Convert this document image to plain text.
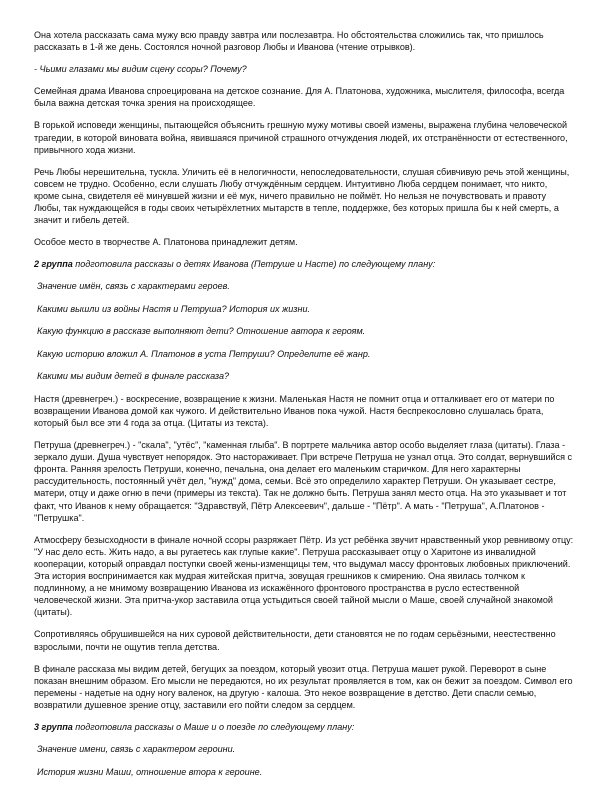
Она хотела рассказать сама мужу всю правду завтра или послезавтра. Но обстоятельства сложились так, что пришлось рассказать в 1-й же день. Состоялся ночной разговор Любы и Иванова (чтение отрывков).

- Чьими глазами мы видим сцену ссоры? Почему?

Семейная драма Иванова спроецирована на детское сознание. Для А. Платонова, художника, мыслителя, философа, всегда была важна детская точка зрения на происходящее.

В горькой исповеди женщины, пытающейся объяснить грешную мужу мотивы своей измены, выражена глубина человеческой трагедии, в которой виновата война, явившаяся причиной страшного отчуждения людей, их отстранённости от естественного, привычного хода жизни.

Речь Любы нерешительна, тускла. Уличить её в нелогичности, непоследовательности, слушая сбивчивую речь этой женщины, совсем не трудно. Особенно, если слушать Любу отчуждённым сердцем. Интуитивно Люба сердцем понимает, что никто, кроме сына, свидетеля её минувшей жизни и её мук, ничего правильно не поймёт. Но нельзя не почувствовать и правоту Любы, так нуждающейся в годы своих четырёхлетних мытарств в тепле, поддержке, без которых пришла бы к ней смерть, а значит и гибель детей.

Особое место в творчестве А. Платонова принадлежит детям.

2 группа подготовила рассказы о детях Иванова (Петруше и Насте) по следующему плану:

Значение имён, связь с характерами героев.

Какими вышли из войны Настя и Петруша? История их жизни.

Какую функцию в рассказе выполняют дети? Отношение автора к героям.

Какую историю вложил А. Платонов в уста Петруши? Определите её жанр.

Какими мы видим детей в финале рассказа?

Настя (древнегреч.) - воскресение, возвращение к жизни. Маленькая Настя не помнит отца и отталкивает его от матери по возвращении Иванова домой как чужого. И действительно Иванов пока чужой. Настя беспрекословно слушалась брата, который был все эти 4 года за отца. (Цитаты из текста).

Петруша (древнегреч.) - "скала", "утёс", "каменная глыба". В портрете мальчика автор особо выделяет глаза (цитаты). Глаза - зеркало души. Душа чувствует непорядок. Это настораживает. При встрече Петруша не узнал отца. Это солдат, вернувшийся с фронта. Ранняя зрелость Петруши, конечно, печальна, она делает его маленьким старичком. Для него характерны рассудительность, постоянный учёт дел, "нужд" дома, семьи. Всё это определило характер Петруши. Он указывает сестре, матери, отцу и даже огню в печи (примеры из текста). Так не должно быть. Петруша занял место отца. На это указывает и тот факт, что Иванов к нему обращается: "Здравствуй, Пётр Алексеевич", дальше - "Пётр". А мать - "Петруша", А.Платонов - "Петрушка".

Атмосферу безысходности в финале ночной ссоры разряжает Пётр. Из уст ребёнка звучит нравственный укор ревнивому отцу: "У нас дело есть. Жить надо, а вы ругаетесь как глупые какие". Петруша рассказывает отцу о Харитоне из инвалидной кооперации, который оправдал поступки своей жены-изменщицы тем, что выдумал массу фронтовых любовных приключений. Эта история воспринимается как мудрая житейская притча, зовущая грешников к смирению. Она явилась толчком к подлинному, а не мнимому возвращению Иванова из искажённого фронтового пространства в русло естественной человеческой жизни. Эта притча-укор заставила отца устыдиться своей тайной мысли о Маше, своей случайной знакомой (цитаты).

Сопротивляясь обрушившейся на них суровой действительности, дети становятся не по годам серьёзными, неестественно взрослыми, почти не ощутив тепла детства.

В финале рассказа мы видим детей, бегущих за поездом, который увозит отца. Петруша машет рукой. Переворот в сыне показан внешним образом. Его мысли не передаются, но их результат проявляется в том, как он бежит за поездом. Символ его перемены - надетые на одну ногу валенок, на другую - калоша. Это некое возвращение в детство. Дети спасли семью, возвратили душевное зрение отцу, заставили его пойти следом за сердцем.

3 группа подготовила рассказы о Маше и о поезде по следующему плану:

Значение имени, связь с характером героини.

История жизни Маши, отношение вторa к героине.
